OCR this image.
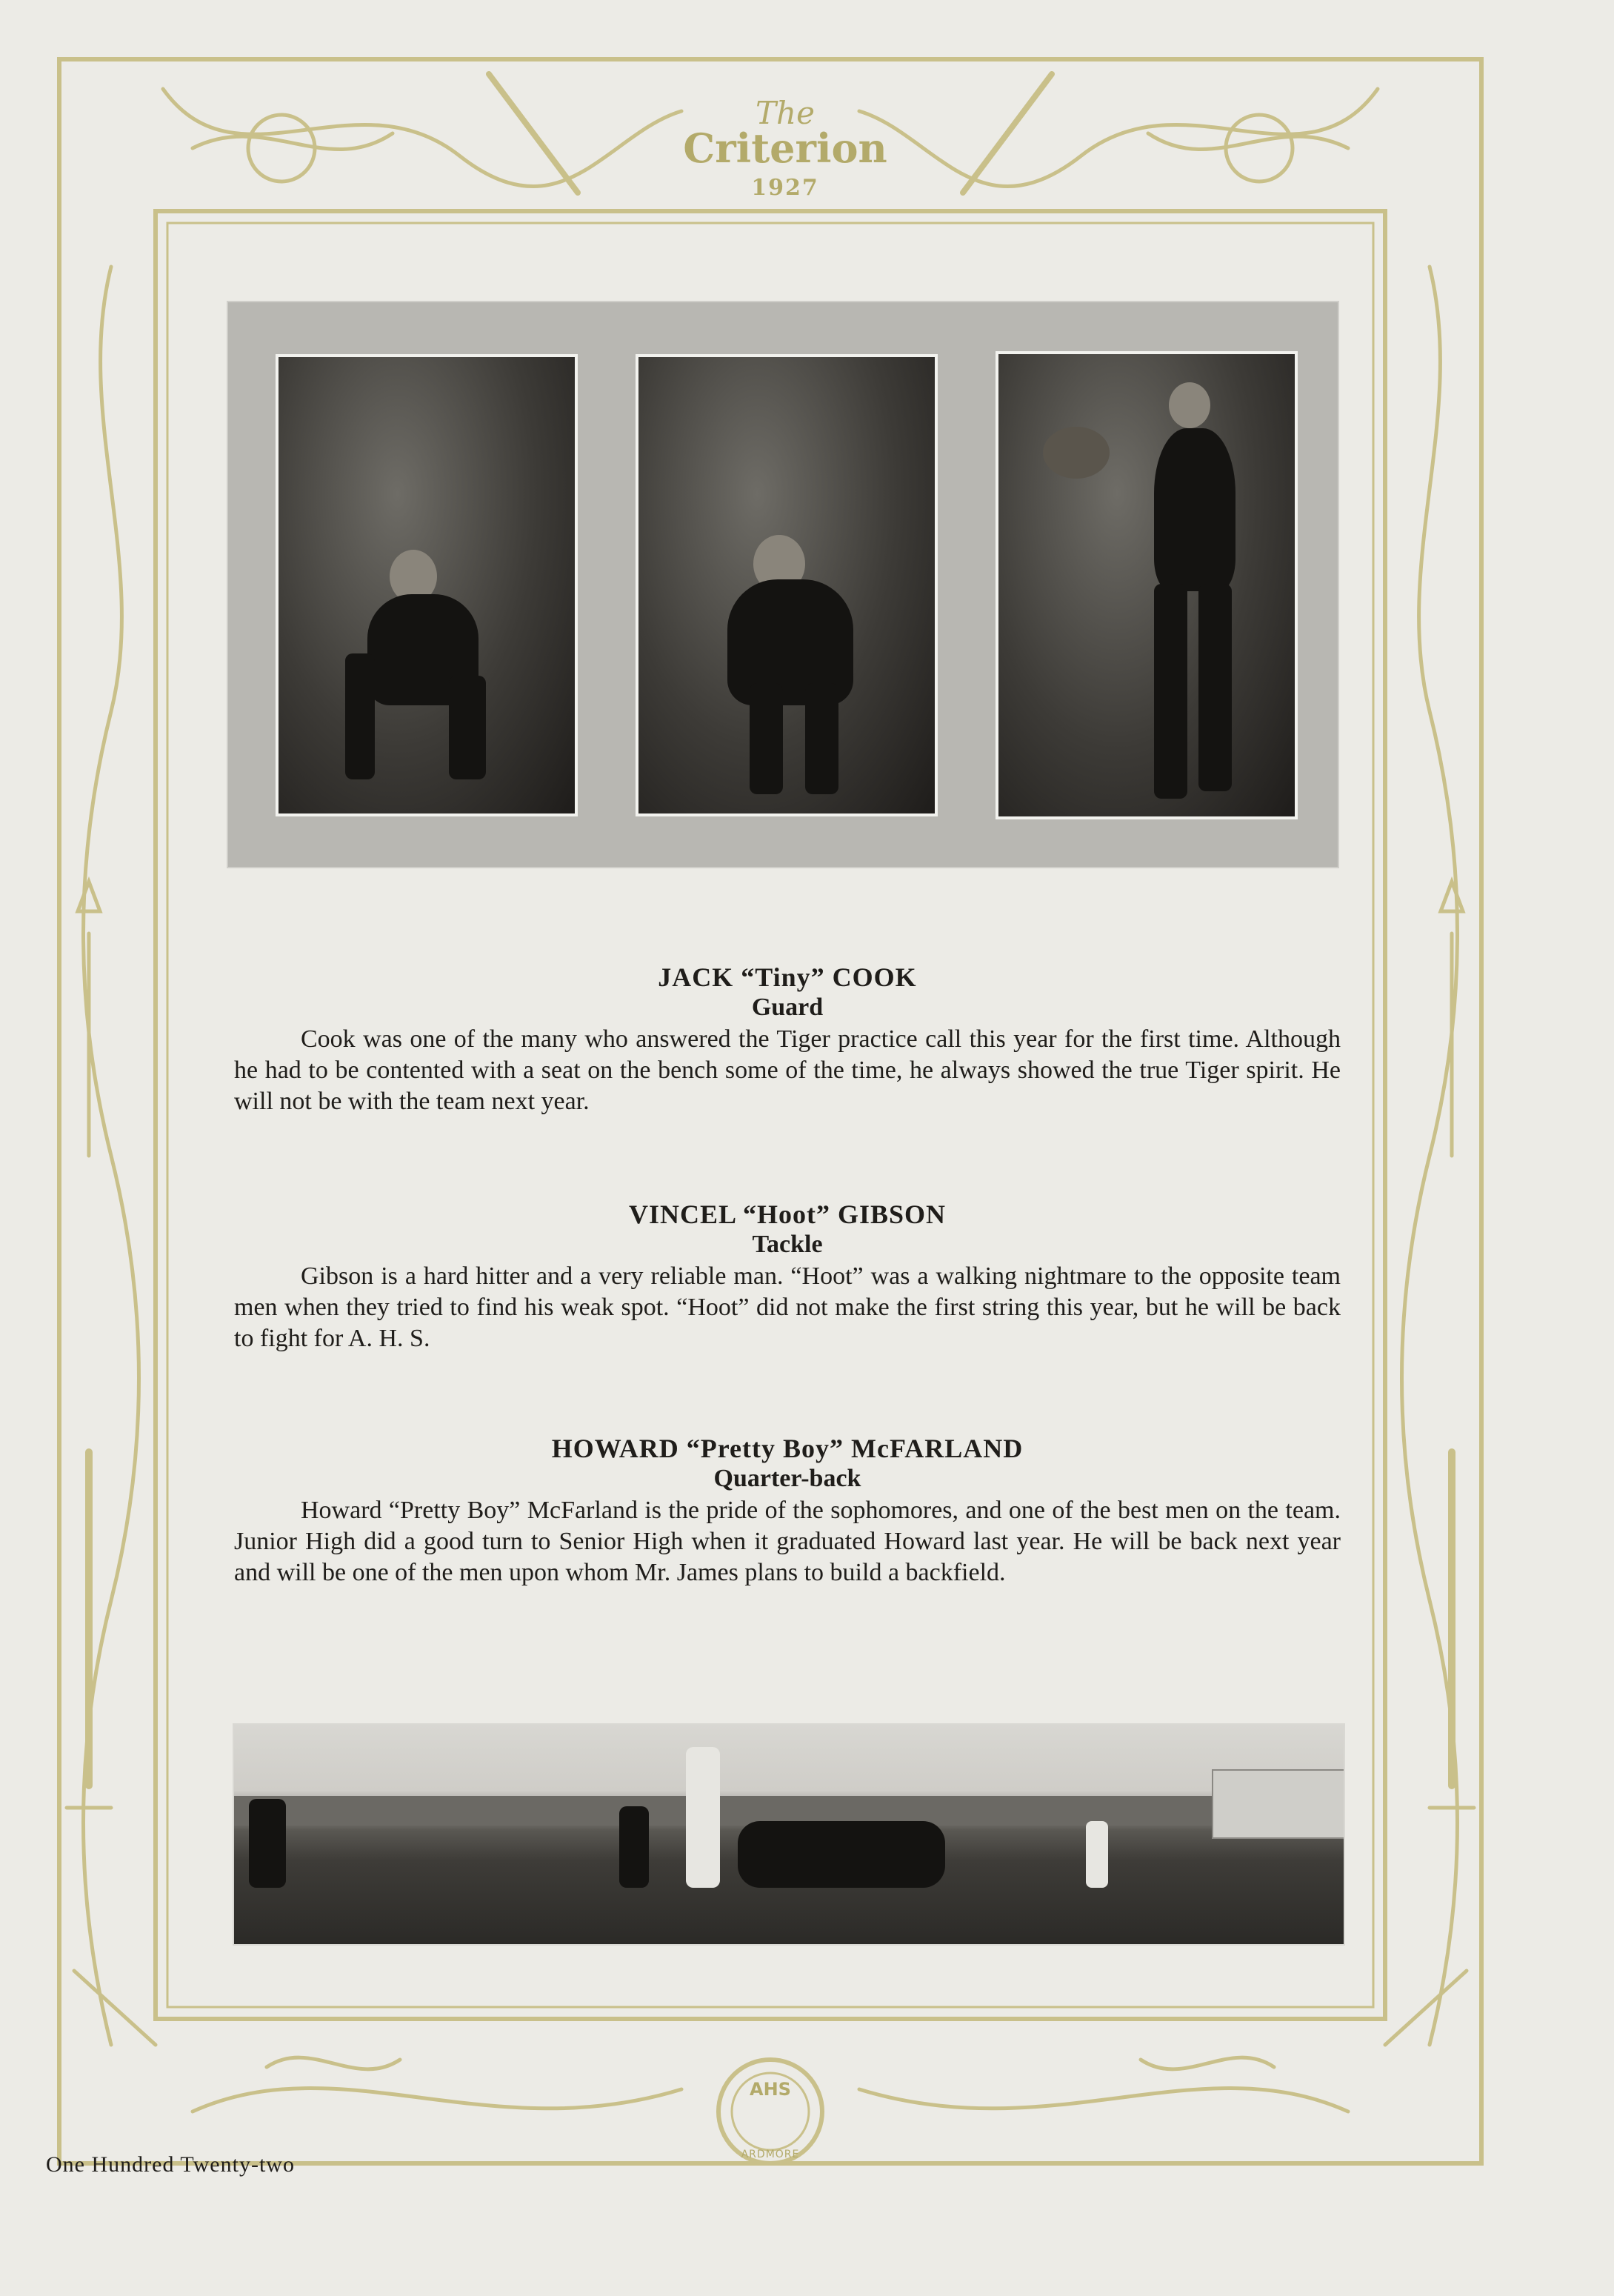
The
Criterion
1927
AHS
ARDMORE

JACK “Tiny” COOK

Guard

Cook was one of the many who answered the Tiger practice call this year for the first time. Although he had to be contented with a seat on the bench some of the time, he always showed the true Tiger spirit. He will not be with the team next year.

VINCEL “Hoot” GIBSON

Tackle

Gibson is a hard hitter and a very reliable man. “Hoot” was a walking nightmare to the opposite team men when they tried to find his weak spot. “Hoot” did not make the first string this year, but he will be back to fight for A. H. S.

HOWARD “Pretty Boy” McFARLAND

Quarter-back

Howard “Pretty Boy” McFarland is the pride of the sophomores, and one of the best men on the team. Junior High did a good turn to Senior High when it graduated Howard last year. He will be back next year and will be one of the men upon whom Mr. James plans to build a backfield.

One Hundred Twenty-two
